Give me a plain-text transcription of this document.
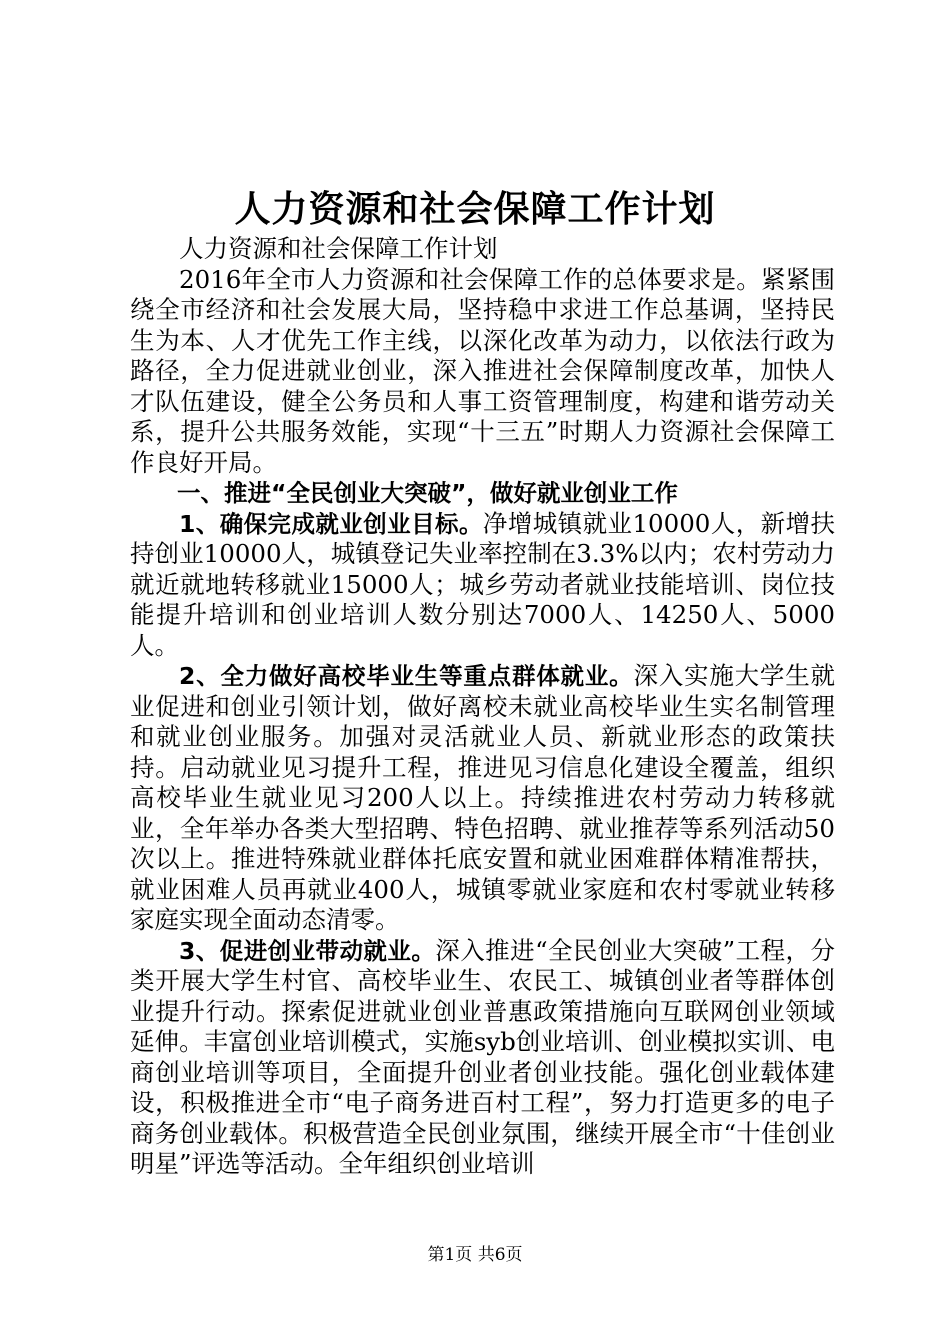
人力资源和社会保障工作计划

人力资源和社会保障工作计划

2016年全市人力资源和社会保障工作的总体要求是。紧紧围绕全市经济和社会发展大局，坚持稳中求进工作总基调，坚持民生为本、人才优先工作主线，以深化改革为动力，以依法行政为路径，全力促进就业创业，深入推进社会保障制度改革，加快人才队伍建设，健全公务员和人事工资管理制度，构建和谐劳动关系，提升公共服务效能，实现“十三五”时期人力资源社会保障工作良好开局。

一、推进“全民创业大突破”，做好就业创业工作

1、确保完成就业创业目标。净增城镇就业10000人，新增扶持创业10000人，城镇登记失业率控制在3.3%以内；农村劳动力就近就地转移就业15000人；城乡劳动者就业技能培训、岗位技能提升培训和创业培训人数分别达7000人、14250人、5000人。

2、全力做好高校毕业生等重点群体就业。深入实施大学生就业促进和创业引领计划，做好离校未就业高校毕业生实名制管理和就业创业服务。加强对灵活就业人员、新就业形态的政策扶持。启动就业见习提升工程，推进见习信息化建设全覆盖，组织高校毕业生就业见习200人以上。持续推进农村劳动力转移就业，全年举办各类大型招聘、特色招聘、就业推荐等系列活动50次以上。推进特殊就业群体托底安置和就业困难群体精准帮扶，就业困难人员再就业400人，城镇零就业家庭和农村零就业转移家庭实现全面动态清零。

3、促进创业带动就业。深入推进“全民创业大突破”工程，分类开展大学生村官、高校毕业生、农民工、城镇创业者等群体创业提升行动。探索促进就业创业普惠政策措施向互联网创业领域延伸。丰富创业培训模式，实施syb创业培训、创业模拟实训、电商创业培训等项目，全面提升创业者创业技能。强化创业载体建设，积极推进全市“电子商务进百村工程”，努力打造更多的电子商务创业载体。积极营造全民创业氛围，继续开展全市“十佳创业明星”评选等活动。全年组织创业培训

第1页 共6页
